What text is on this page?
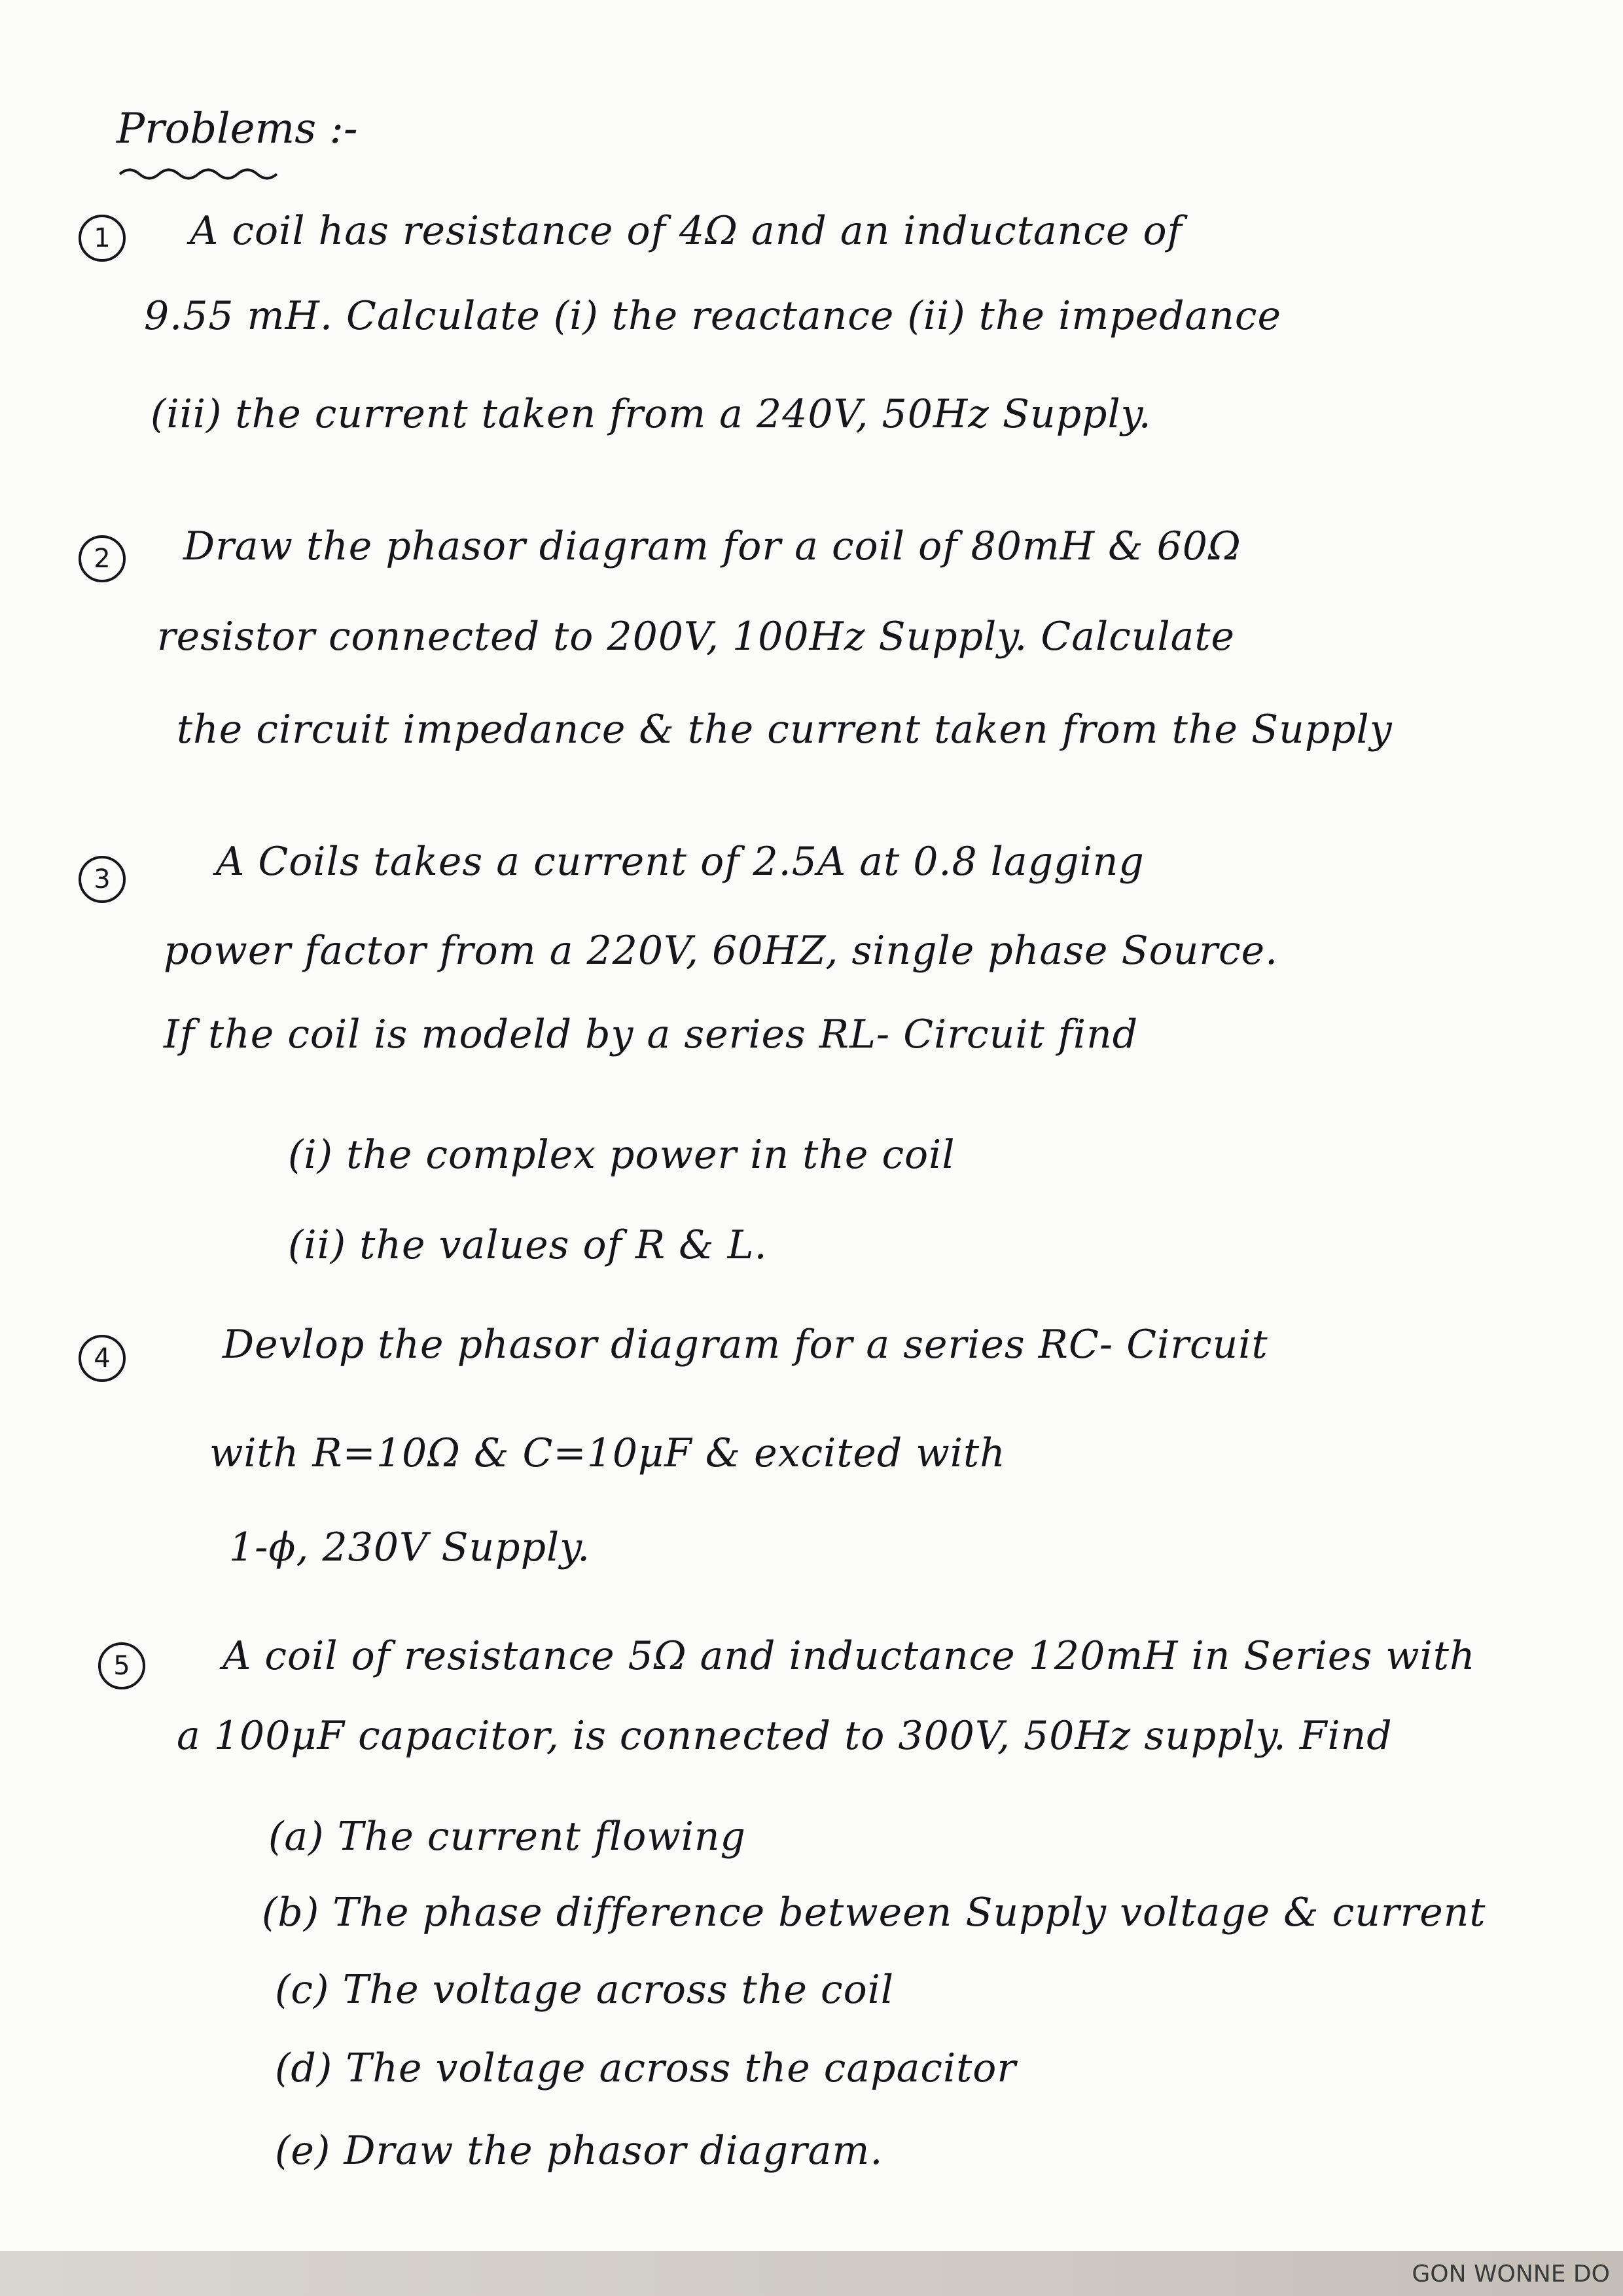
Problems :-
1 A coil has resistance of 4Ω and an inductance of
9.55 mH. Calculate (i) the reactance (ii) the impedance
(iii) the current taken from a 240V, 50Hz Supply.
2 Draw the phasor diagram for a coil of 80mH & 60Ω
resistor connected to 200V, 100Hz Supply. Calculate
the circuit impedance & the current taken from the Supply
3	A Coils takes a current of 2.5A at 0.8 lagging
power factor from a 220V, 60HZ, single phase Source.
If the coil is modeld by a series RL- Circuit find
(i) the complex power in the coil
(ii) the values of R & L.
4	Devlop the phasor diagram for a series RC- Circuit
with R=10Ω & C=10μF & excited with
1-ϕ, 230V Supply.
5 A coil of resistance 5Ω and inductance 120mH in Series with
a 100μF capacitor, is connected to 300V, 50Hz supply. Find
(a) The current flowing
(b) The phase difference between Supply voltage & current
(c) The voltage across the coil
(d) The voltage across the capacitor
(e) Draw the phasor diagram.
GON WONNE DO
